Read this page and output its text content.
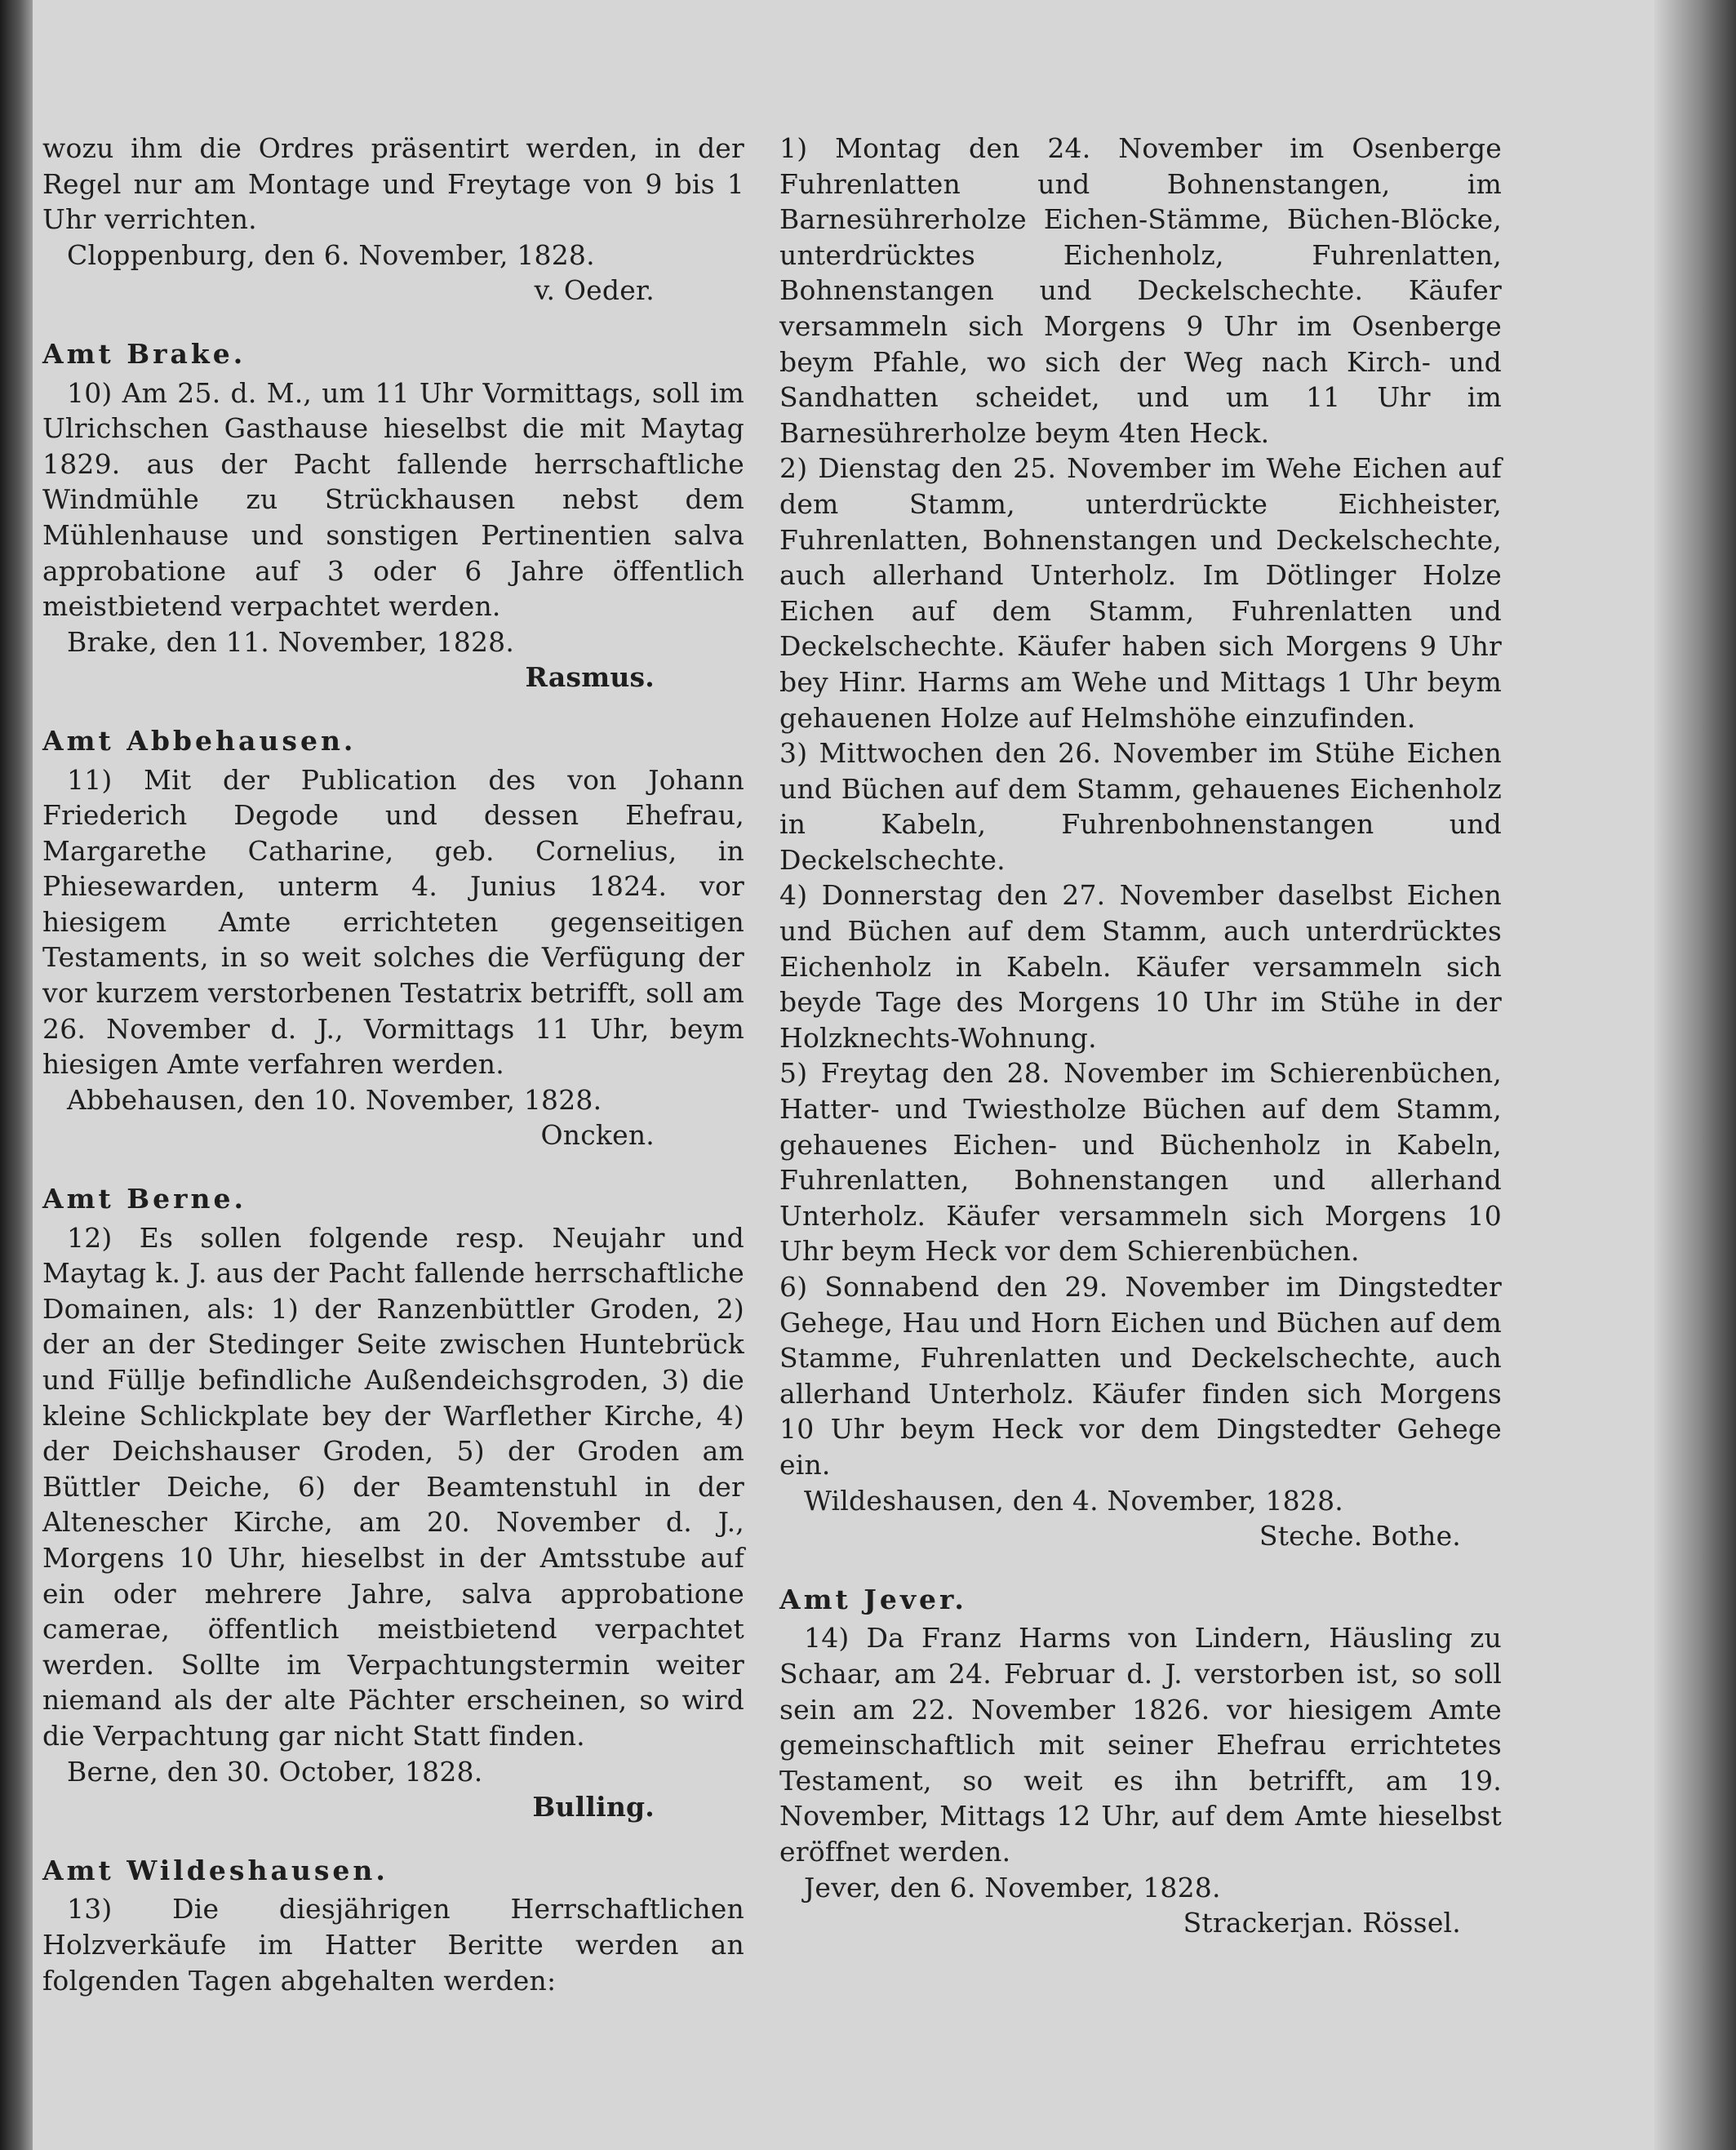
wozu ihm die Ordres präsentirt werden, in der Regel nur am Montage und Freytage von 9 bis 1 Uhr verrichten.

Cloppenburg, den 6. November, 1828.

v. Oeder.

Amt Brake.

10) Am 25. d. M., um 11 Uhr Vormittags, soll im Ulrichschen Gasthause hieselbst die mit Maytag 1829. aus der Pacht fallende herrschaftliche Windmühle zu Strückhausen nebst dem Mühlenhause und sonstigen Pertinentien salva approbatione auf 3 oder 6 Jahre öffentlich meistbietend verpachtet werden.

Brake, den 11. November, 1828.

Rasmus.

Amt Abbehausen.

11) Mit der Publication des von Johann Friederich Degode und dessen Ehefrau, Margarethe Catharine, geb. Cornelius, in Phiesewarden, unterm 4. Junius 1824. vor hiesigem Amte errichteten gegenseitigen Testaments, in so weit solches die Verfügung der vor kurzem verstorbenen Testatrix betrifft, soll am 26. November d. J., Vormittags 11 Uhr, beym hiesigen Amte verfahren werden.

Abbehausen, den 10. November, 1828.

Oncken.

Amt Berne.

12) Es sollen folgende resp. Neujahr und Maytag k. J. aus der Pacht fallende herrschaftliche Domainen, als: 1) der Ranzenbüttler Groden, 2) der an der Stedinger Seite zwischen Huntebrück und Füllje befindliche Außendeichsgroden, 3) die kleine Schlickplate bey der Warflether Kirche, 4) der Deichshauser Groden, 5) der Groden am Büttler Deiche, 6) der Beamtenstuhl in der Altenescher Kirche, am 20. November d. J., Morgens 10 Uhr, hieselbst in der Amtsstube auf ein oder mehrere Jahre, salva approbatione camerae, öffentlich meistbietend verpachtet werden. Sollte im Verpachtungstermin weiter niemand als der alte Pächter erscheinen, so wird die Verpachtung gar nicht Statt finden.

Berne, den 30. October, 1828.

Bulling.

Amt Wildeshausen.

13) Die diesjährigen Herrschaftlichen Holzverkäufe im Hatter Beritte werden an folgenden Tagen abgehalten werden:

1) Montag den 24. November im Osenberge Fuhrenlatten und Bohnenstangen, im Barnesührerholze Eichen-Stämme, Büchen-Blöcke, unterdrücktes Eichenholz, Fuhrenlatten, Bohnenstangen und Deckelschechte. Käufer versammeln sich Morgens 9 Uhr im Osenberge beym Pfahle, wo sich der Weg nach Kirch- und Sandhatten scheidet, und um 11 Uhr im Barnesührerholze beym 4ten Heck.

2) Dienstag den 25. November im Wehe Eichen auf dem Stamm, unterdrückte Eichheister, Fuhrenlatten, Bohnenstangen und Deckelschechte, auch allerhand Unterholz. Im Dötlinger Holze Eichen auf dem Stamm, Fuhrenlatten und Deckelschechte. Käufer haben sich Morgens 9 Uhr bey Hinr. Harms am Wehe und Mittags 1 Uhr beym gehauenen Holze auf Helmshöhe einzufinden.

3) Mittwochen den 26. November im Stühe Eichen und Büchen auf dem Stamm, gehauenes Eichenholz in Kabeln, Fuhrenbohnenstangen und Deckelschechte.

4) Donnerstag den 27. November daselbst Eichen und Büchen auf dem Stamm, auch unterdrücktes Eichenholz in Kabeln. Käufer versammeln sich beyde Tage des Morgens 10 Uhr im Stühe in der Holzknechts-Wohnung.

5) Freytag den 28. November im Schierenbüchen, Hatter- und Twiestholze Büchen auf dem Stamm, gehauenes Eichen- und Büchenholz in Kabeln, Fuhrenlatten, Bohnenstangen und allerhand Unterholz. Käufer versammeln sich Morgens 10 Uhr beym Heck vor dem Schierenbüchen.

6) Sonnabend den 29. November im Dingstedter Gehege, Hau und Horn Eichen und Büchen auf dem Stamme, Fuhrenlatten und Deckelschechte, auch allerhand Unterholz. Käufer finden sich Morgens 10 Uhr beym Heck vor dem Dingstedter Gehege ein.

Wildeshausen, den 4. November, 1828.

Steche. Bothe.

Amt Jever.

14) Da Franz Harms von Lindern, Häusling zu Schaar, am 24. Februar d. J. verstorben ist, so soll sein am 22. November 1826. vor hiesigem Amte gemeinschaftlich mit seiner Ehefrau errichtetes Testament, so weit es ihn betrifft, am 19. November, Mittags 12 Uhr, auf dem Amte hieselbst eröffnet werden.

Jever, den 6. November, 1828.

Strackerjan. Rössel.
